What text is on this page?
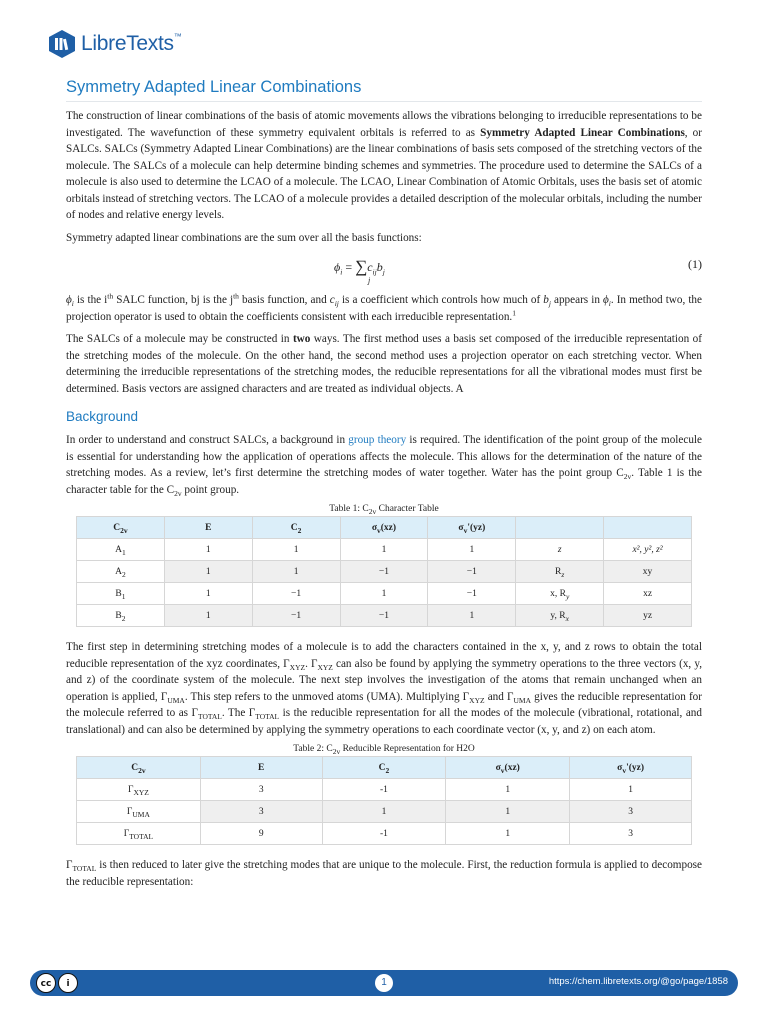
LibreTexts™
Symmetry Adapted Linear Combinations

The construction of linear combinations of the basis of atomic movements allows the vibrations belonging to irreducible representations to be investigated. The wavefunction of these symmetry equivalent orbitals is referred to as Symmetry Adapted Linear Combinations, or SALCs. SALCs (Symmetry Adapted Linear Combinations) are the linear combinations of basis sets composed of the stretching vectors of the molecule. The SALCs of a molecule can help determine binding schemes and symmetries. The procedure used to determine the SALCs of a molecule is also used to determine the LCAO of a molecule. The LCAO, Linear Combination of Atomic Orbitals, uses the basis set of atomic orbitals instead of stretching vectors. The LCAO of a molecule provides a detailed description of the molecular orbitals, including the number of nodes and relative energy levels.

Symmetry adapted linear combinations are the sum over all the basis functions:

$\phi_i = \sum c_{ij}b_j$
j
(1)

$\phi_i$ is the $i^{th}$ SALC function, bj is the $j^{th}$ basis function, and $c_{ij}$ is a coefficient which controls how much of $b_j$ appears in $\phi_i$. In method two, the projection operator is used to obtain the coefficients consistent with each irreducible representation.$^1$

The SALCs of a molecule may be constructed in two ways. The first method uses a basis set composed of the irreducible representation of the stretching modes of the molecule. On the other hand, the second method uses a projection operator on each stretching vector. When determining the irreducible representations of the stretching modes, the reducible representations for all the vibrational modes must first be determined. Basis vectors are assigned characters and are treated as individual objects. A

Background

In order to understand and construct SALCs, a background in group theory is required. The identification of the point group of the molecule is essential for understanding how the application of operations affects the molecule. This allows for the determination of the nature of the stretching modes. As a review, let’s first determine the stretching modes of water together. Water has the point group $C_{2v}$. Table 1 is the character table for the $C_{2v}$ point group.

Table 1: $C_{2v}$ Character Table
$C_{2v}$	E	$C_2$	$\sigma_v(xz)$	$\sigma_v'(yz)$		
$A_1$	1	1	1	1	z	x², y², z²
$A_2$	1	1	−1	−1	$R_z$	xy
$B_1$	1	−1	1	−1	x, $R_y$	xz
$B_2$	1	−1	−1	1	y, $R_x$	yz

The first step in determining stretching modes of a molecule is to add the characters contained in the x, y, and z rows to obtain the total reducible representation of the xyz coordinates, $\Gamma_{XYZ}$. $\Gamma_{XYZ}$ can also be found by applying the symmetry operations to the three vectors (x, y, and z) of the coordinate system of the molecule. The next step involves the investigation of the atoms that remain unchanged when an operation is applied, $\Gamma_{UMA}$. This step refers to the unmoved atoms (UMA). Multiplying $\Gamma_{XYZ}$ and $\Gamma_{UMA}$ gives the reducible representation for the molecule referred to as $\Gamma_{TOTAL}$. The $\Gamma_{TOTAL}$ is the reducible representation for all the modes of the molecule (vibrational, rotational, and translational) and can also be determined by applying the symmetry operations to each coordinate vector (x, y, and z) on each atom.

Table 2: $C_{2v}$ Reducible Representation for H2O
$C_{2v}$	E	$C_2$	$\sigma_v(xz)$	$\sigma_v'(yz)$
$\Gamma_{XYZ}$	3	-1	1	1
$\Gamma_{UMA}$	3	1	1	3
$\Gamma_{TOTAL}$	9	-1	1	3

$\Gamma_{TOTAL}$ is then reduced to later give the stretching modes that are unique to the molecule. First, the reduction formula is applied to decompose the reducible representation:

cc	i	1	https://chem.libretexts.org/@go/page/1858
